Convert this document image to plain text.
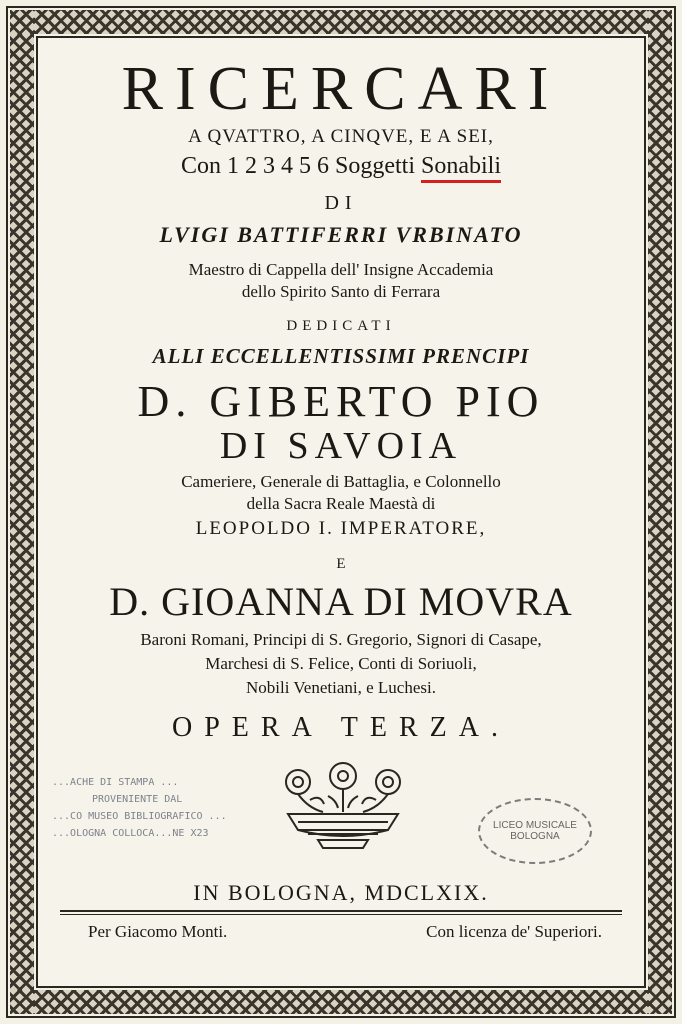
RICERCARI
A QVATTRO, A CINQVE, E A SEI,
Con 1 2 3 4 5 6 Soggetti Sonabili
DI
LVIGI BATTIFERRI VRBINATO
Maestro di Cappella dell' Insigne Accademia
dello Spirito Santo di Ferrara
DEDICATI
ALLI ECCELLENTISSIMI PRENCIPI
D. GIBERTO PIO
DI SAVOIA
Cameriere, Generale di Battaglia, e Colonnello
della Sacra Reale Maestà di
LEOPOLDO I. IMPERATORE,
E
D. GIOANNA DI MOVRA
Baroni Romani, Principi di S. Gregorio, Signori di Casape,
Marchesi di S. Felice, Conti di Soriuoli,
Nobili Venetiani, e Luchesi.
OPERA TERZA.
...ACHE DI STAMPA ...
PROVENIENTE DAL
...CO MUSEO BIBLIOGRAFICO ...
...OLOGNA COLLOCA...NE X23
LICEO MUSICALE BOLOGNA
IN BOLOGNA, MDCLXIX.
Per Giacomo Monti.	Con licenza de' Superiori.
